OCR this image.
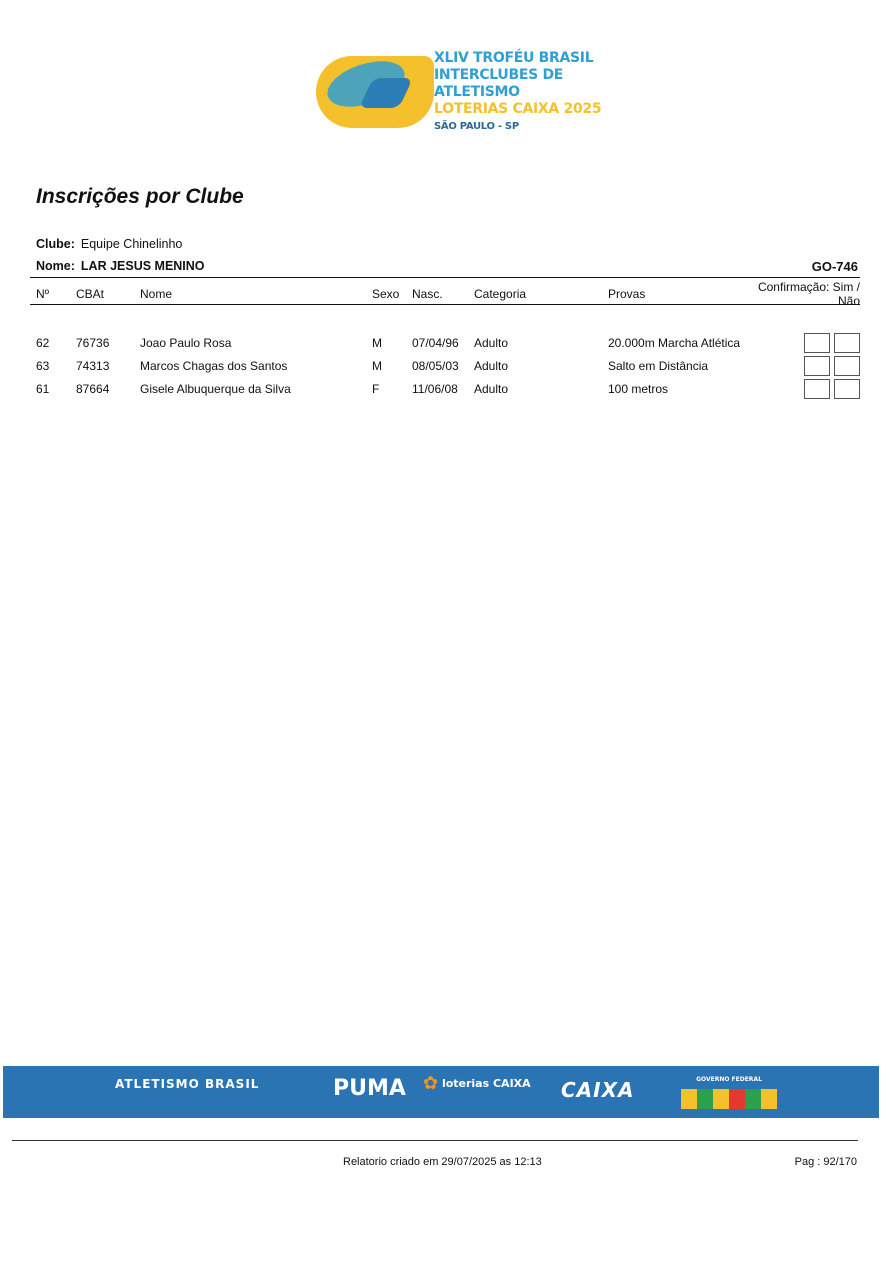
XLIV TROFÉU BRASIL
INTERCLUBES DE ATLETISMO
LOTERIAS CAIXA 2025
SÃO PAULO - SP
Inscrições por Clube
Clube: Equipe Chinelinho
Nome: LAR JESUS MENINO	GO-746
Nº	CBAt	Nome	Sexo	Nasc.	Categoria	Provas	Confirmação: Sim / Não

62	76736	Joao Paulo Rosa	M	07/04/96	Adulto	20.000m Marcha Atlética	
63	74313	Marcos Chagas dos Santos	M	08/05/03	Adulto	Salto em Distância	
61	87664	Gisele Albuquerque da Silva	F	11/06/08	Adulto	100 metros	
ATLETISMO BRASIL	PUMA ✿ loterias CAIXA CAIXA	GOVERNO FEDERAL
Relatorio criado em 29/07/2025 as 12:13	Pag : 92/170
